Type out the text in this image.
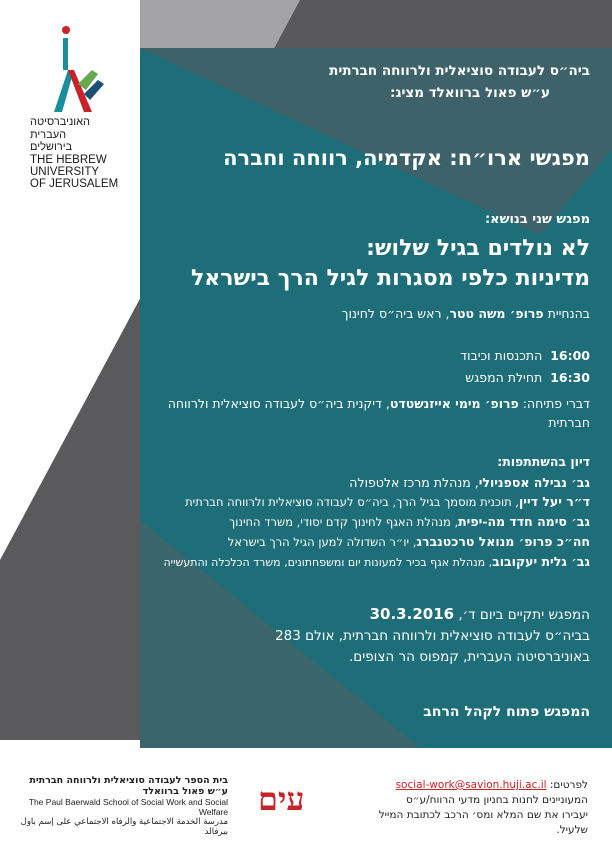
האוניברסיטה
העברית
בירושלים
THE HEBREW
UNIVERSITY
OF JERUSALEM
ביה״ס לעבודה סוציאלית ולרווחה חברתית
ע״ש פאול ברוואלד מציג:
מפגשי ארו״ח: אקדמיה, רווחה וחברה
מפגש שני בנושא:
לא נולדים בגיל שלוש:
מדיניות כלפי מסגרות לגיל הרך בישראל
בהנחיית פרופ׳ משה טטר, ראש ביה״ס לחינוך
16:00  התכנסות וכיבוד
16:30  תחילת המפגש
דברי פתיחה: פרופ׳ מימי אייזנשטדט, דיקנית ביה״ס לעבודה סוציאלית ולרווחה
חברתית
דיון בהשתתפות:
גב׳ נבילה אספניולי, מנהלת מרכז אלטפולה
ד״ר יעל דיין, תוכנית מוסמך בגיל הרך, ביה״ס לעבודה סוציאלית ולרווחה חברתית
גב׳ סימה חדד מה-יפית, מנהלת האגף לחינוך קדם יסודי, משרד החינוך
חה״כ פרופ׳ מנואל טרכטנברג, יו״ר השדולה למען הגיל הרך בישראל
גב׳ גלית יעקובוב, מנהלת אגף בכיר למעונות יום ומשפחתונים, משרד הכלכלה והתעשייה
המפגש יתקיים ביום ד׳, 30.3.2016
בביה״ס לעבודה סוציאלית ולרווחה חברתית, אולם 283
באוניברסיטה העברית, קמפוס הר הצופים.
המפגש פתוח לקהל הרחב
בית הספר לעבודה סוציאלית ולרווחה חברתית ע״ש פאול ברוואלד
The Paul Baerwald School of Social Work and Social Welfare
مدرسة الخدمة الاجتماعية والرفاه الاجتماعي على إسم باول بيرفالد
עים	לפרטים: social-work@savion.huji.ac.il
המעוניינים לחנות בחניון מדעי הרווח/ע״ס
יעבירו את שם המלא ומס׳ הרכב לכתובת המייל
שלעיל.
